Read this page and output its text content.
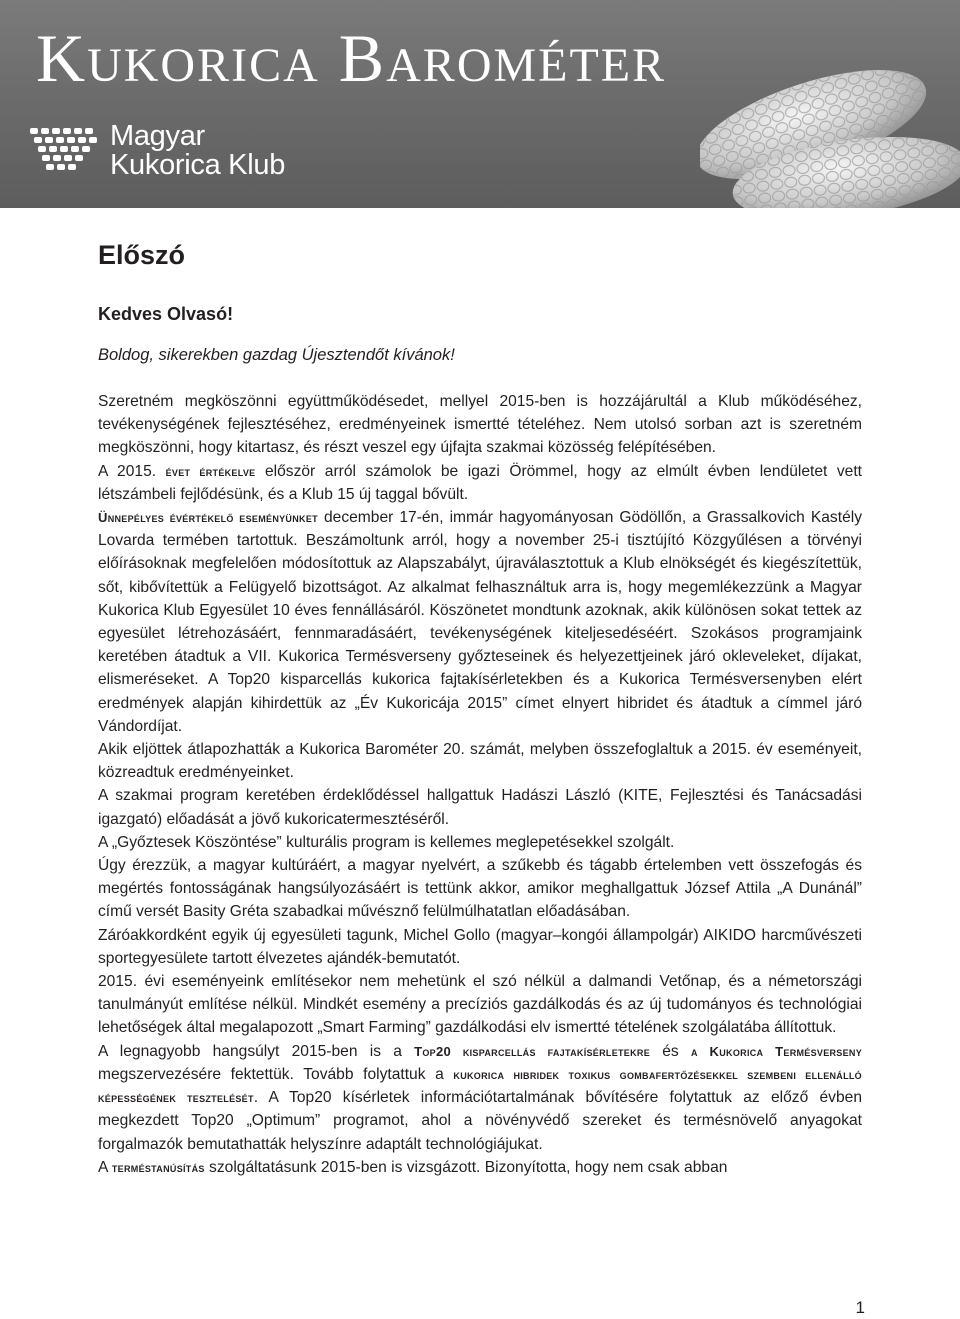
Kukorica Barométer
Magyar
Kukorica Klub
Előszó
Kedves Olvasó!
Boldog, sikerekben gazdag Újesztendőt kívánok!

Szeretném megköszönni együttműködésedet, mellyel 2015-ben is hozzájárultál a Klub működéséhez, tevékenységének fejlesztéséhez, eredményeinek ismertté tételéhez. Nem utolsó sorban azt is szeretném megköszönni, hogy kitartasz, és részt veszel egy újfajta szakmai közösség felépítésében.

A 2015. évet értékelve először arról számolok be igazi Örömmel, hogy az elmúlt évben lendületet vett létszámbeli fejlődésünk, és a Klub 15 új taggal bővült.

Ünnepélyes évértékelő eseményünket december 17-én, immár hagyományosan Gödöllőn, a Grassalkovich Kastély Lovarda termében tartottuk. Beszámoltunk arról, hogy a november 25-i tisztújító Közgyűlésen a törvényi előírásoknak megfelelően módosítottuk az Alapszabályt, újraválasztottuk a Klub elnökségét és kiegészítettük, sőt, kibővítettük a Felügyelő bizottságot. Az alkalmat felhasználtuk arra is, hogy megemlékezzünk a Magyar Kukorica Klub Egyesület 10 éves fennállásáról. Köszönetet mondtunk azoknak, akik különösen sokat tettek az egyesület létrehozásáért, fennmaradásáért, tevékenységének kiteljesedéséért. Szokásos programjaink keretében átadtuk a VII. Kukorica Termésverseny győzteseinek és helyezettjeinek járó okleveleket, díjakat, elismeréseket. A Top20 kisparcellás kukorica fajtakísérletekben és a Kukorica Termésversenyben elért eredmények alapján kihirdettük az „Év Kukoricája 2015” címet elnyert hibridet és átadtuk a címmel járó Vándordíjat.

Akik eljöttek átlapozhatták a Kukorica Barométer 20. számát, melyben összefoglaltuk a 2015. év eseményeit, közreadtuk eredményeinket.

A szakmai program keretében érdeklődéssel hallgattuk Hadászi László (KITE, Fejlesztési és Tanácsadási igazgató) előadását a jövő kukoricatermesztéséről.

A „Győztesek Köszöntése” kulturális program is kellemes meglepetésekkel szolgált.

Úgy érezzük, a magyar kultúráért, a magyar nyelvért, a szűkebb és tágabb értelemben vett összefogás és megértés fontosságának hangsúlyozásáért is tettünk akkor, amikor meghallgattuk József Attila „A Dunánál” című versét Basity Gréta szabadkai művésznő felülmúlhatatlan előadásában.

Záróakkordként egyik új egyesületi tagunk, Michel Gollo (magyar–kongói állampolgár) AIKIDO harcművészeti sportegyesülete tartott élvezetes ajándék-bemutatót.

2015. évi eseményeink említésekor nem mehetünk el szó nélkül a dalmandi Vetőnap, és a németországi tanulmányút említése nélkül. Mindkét esemény a precíziós gazdálkodás és az új tudományos és technológiai lehetőségek által megalapozott „Smart Farming” gazdálkodási elv ismertté tételének szolgálatába állítottuk.

A legnagyobb hangsúlyt 2015-ben is a Top20 kisparcellás fajtakísérletekre és a Kukorica Termésverseny megszervezésére fektettük. Tovább folytattuk a kukorica hibridek toxikus gombafertőzésekkel szembeni ellenálló képességének tesztelését. A Top20 kísérletek információtartalmának bővítésére folytattuk az előző évben megkezdett Top20 „Optimum” programot, ahol a növényvédő szereket és termésnövelő anyagokat forgalmazók bemutathatták helyszínre adaptált technológiájukat.

A terméstanúsítás szolgáltatásunk 2015-ben is vizsgázott. Bizonyította, hogy nem csak abban

1
